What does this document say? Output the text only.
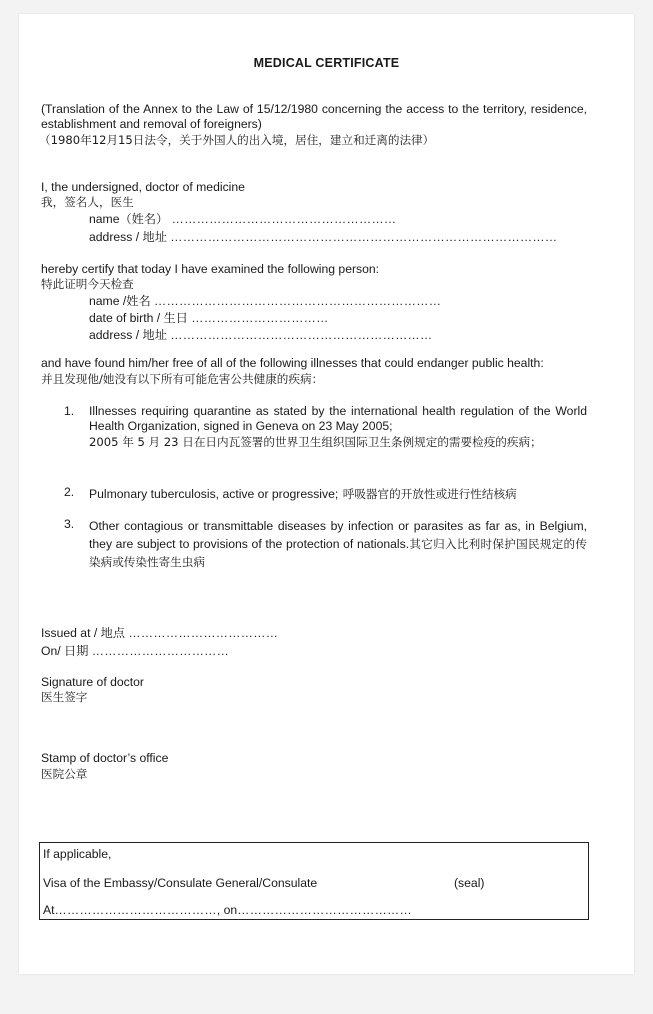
MEDICAL CERTIFICATE
(Translation of the Annex to the Law of 15/12/1980 concerning the access to the territory, residence, establishment and removal of foreigners)
（1980年12月15日法令，关于外国人的出入境，居住，建立和迁离的法律）
I, the undersigned, doctor of medicine
我，签名人，医生
name（姓名） ………………………………………………
address / 地址 …………………………………………………………………………………
hereby certify that today I have examined the following person:
特此证明今天检查
name /姓名 ……………………………………………………………
date of birth / 生日 ……………………………
address / 地址 ………………………………………………………
and have found him/her free of all of the following illnesses that could endanger public health:
并且发现他/她没有以下所有可能危害公共健康的疾病：
1. Illnesses requiring quarantine as stated by the international health regulation of the World Health Organization, signed in Geneva on 23 May 2005;
2005 年 5 月 23 日在日内瓦签署的世界卫生组织国际卫生条例规定的需要检疫的疾病；
2. Pulmonary tuberculosis, active or progressive; 呼吸器官的开放性或进行性结核病
3. Other contagious or transmittable diseases by infection or parasites as far as, in Belgium, they are subject to provisions of the protection of nationals.其它归入比利时保护国民规定的传染病或传染性寄生虫病
Issued at / 地点 ………………………………
On/ 日期 ……………………………
Signature of doctor
医生签字
Stamp of doctor’s office
医院公章
If applicable,
Visa of the Embassy/Consulate General/Consulate	(seal)
At…………………………………, on……………………………………
